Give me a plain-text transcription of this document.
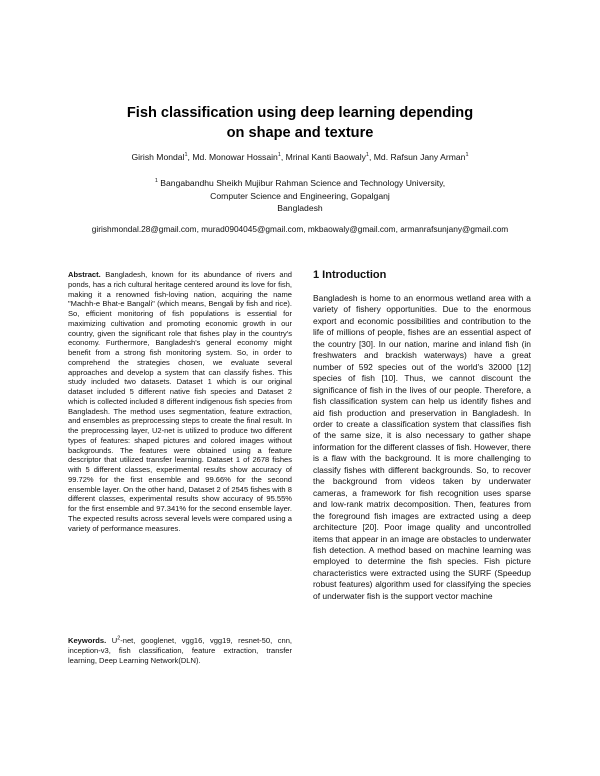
Fish classification using deep learning depending
on shape and texture
Girish Mondal$^1$, Md. Monowar Hossain$^1$, Mrinal Kanti Baowaly$^1$, Md. Rafsun Jany Arman$^1$
$^1$ Bangabandhu Sheikh Mujibur Rahman Science and Technology University,
Computer Science and Engineering, Gopalganj
Bangladesh
girishmondal.28@gmail.com, murad0904045@gmail.com, mkbaowaly@gmail.com, armanrafsunjany@gmail.com
Abstract. Bangladesh, known for its abundance of rivers and ponds, has a rich cultural heritage centered around its love for fish, making it a renowned fish-loving nation, acquiring the name "Machh-e Bhat-e Bangali" (which means, Bengali by fish and rice). So, efficient monitoring of fish populations is essential for maximizing cultivation and promoting economic growth in our country, given the significant role that fishes play in the country's economy. Furthermore, Bangladesh's general economy might benefit from a strong fish monitoring system. So, in order to comprehend the strategies chosen, we evaluate several approaches and develop a system that can classify fishes. This study included two datasets. Dataset 1 which is our original dataset included 5 different native fish species and Dataset 2 which is collected included 8 different indigenous fish species from Bangladesh. The method uses segmentation, feature extraction, and ensembles as preprocessing steps to create the final result. In the preprocessing layer, U2-net is utilized to produce two different types of features: shaped pictures and colored images without backgrounds. The features were obtained using a feature descriptor that utilized transfer learning. Dataset 1 of 2678 fishes with 5 different classes, experimental results show accuracy of 99.72% for the first ensemble and 99.66% for the second ensemble layer. On the other hand, Dataset 2 of 2545 fishes with 8 different classes, experimental results show accuracy of 95.55% for the first ensemble and 97.341% for the second ensemble layer. The expected results across several levels were compared using a variety of performance measures.
Keywords. $U^2$-net, googlenet, vgg16, vgg19, resnet-50, cnn, inception-v3, fish classification, feature extraction, transfer learning, Deep Learning Network(DLN).
1 Introduction
Bangladesh is home to an enormous wetland area with a variety of fishery opportunities. Due to the enormous export and economic possibilities and contribution to the life of millions of people, fishes are an essential aspect of the country [30]. In our nation, marine and inland fish (in freshwaters and brackish waterways) have a great number of 592 species out of the world's 32000 [12] species of fish [10]. Thus, we cannot discount the significance of fish in the lives of our people. Therefore, a fish classification system can help us identify fishes and aid fish production and preservation in Bangladesh. In order to create a classification system that classifies fish of the same size, it is also necessary to gather shape information for the different classes of fish. However, there is a flaw with the background. It is more challenging to classify fishes with different backgrounds. So, to recover the background from videos taken by underwater cameras, a framework for fish recognition uses sparse and low-rank matrix decomposition. Then, features from the foreground fish images are extracted using a deep architecture [20]. Poor image quality and uncontrolled items that appear in an image are obstacles to underwater fish detection. A method based on machine learning was employed to determine the fish species. Fish picture characteristics were extracted using the SURF (Speedup robust features) algorithm used for classifying the species of underwater fish is the support vector machine
